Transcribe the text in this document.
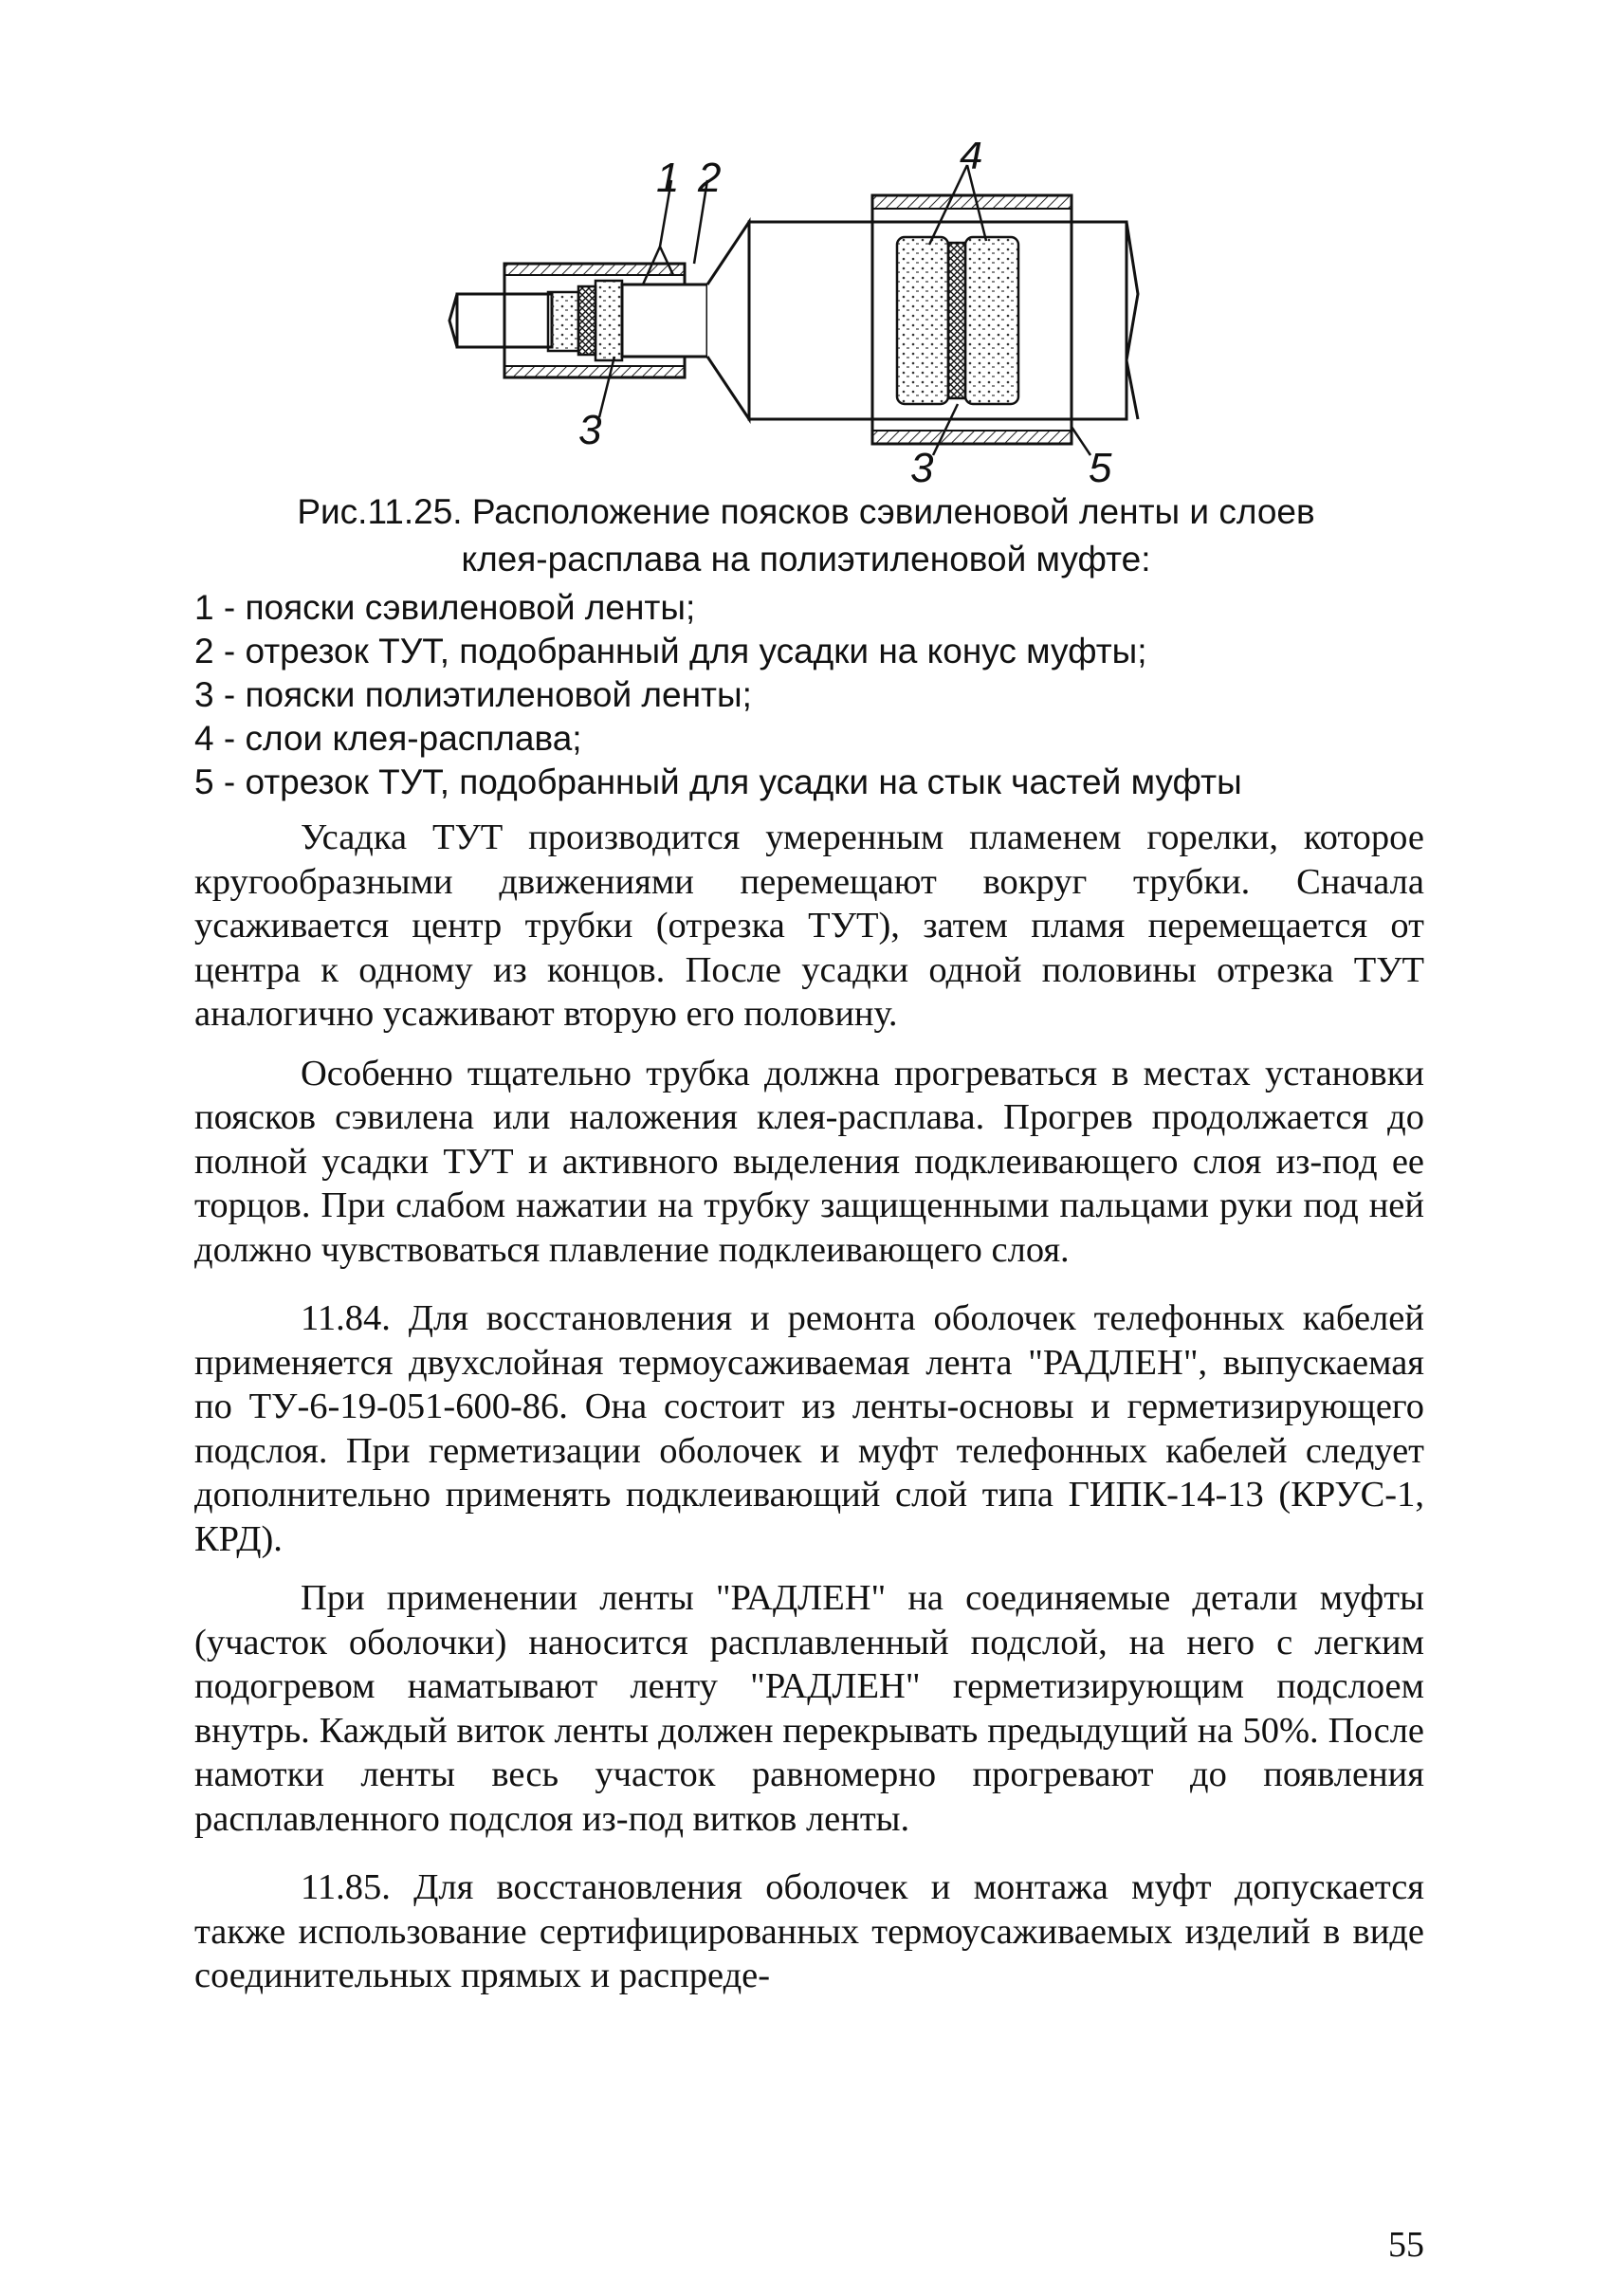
1 2
3
4
3	5
Рис.11.25. Расположение поясков сэвиленовой ленты и слоев
клея-расплава на полиэтиленовой муфте:
1 - пояски сэвиленовой ленты;
2 - отрезок ТУТ, подобранный для усадки на конус муфты;
3 - пояски полиэтиленовой ленты;
4 - слои клея-расплава;
5 - отрезок ТУТ, подобранный для усадки на стык частей муфты

Усадка ТУТ производится умеренным пламенем горелки, которое кругообразными движениями перемещают вокруг трубки. Сначала усаживается центр трубки (отрезка ТУТ), затем пламя перемещается от центра к одному из концов. После усадки одной половины отрезка ТУТ аналогично усаживают вторую его половину.

Особенно тщательно трубка должна прогреваться в местах установки поясков сэвилена или наложения клея-расплава. Прогрев продолжается до полной усадки ТУТ и активного выделения подклеивающего слоя из-под ее торцов. При слабом нажатии на трубку защищенными пальцами руки под ней должно чувствоваться плавление подклеивающего слоя.

11.84. Для восстановления и ремонта оболочек телефонных кабелей применяется двухслойная термоусаживаемая лента "РАДЛЕН", выпускаемая по ТУ-6-19-051-600-86. Она состоит из ленты-основы и герметизирующего подслоя. При герметизации оболочек и муфт телефонных кабелей следует дополнительно применять подклеивающий слой типа ГИПК-14-13 (КРУС-1, КРД).

При применении ленты "РАДЛЕН" на соединяемые детали муфты (участок оболочки) наносится расплавленный подслой, на него с легким подогревом наматывают ленту "РАДЛЕН" герметизирующим подслоем внутрь. Каждый виток ленты должен перекрывать предыдущий на 50%. После намотки ленты весь участок равномерно прогревают до появления расплавленного подслоя из-под витков ленты.

11.85. Для восстановления оболочек и монтажа муфт допускается также использование сертифицированных термоусаживаемых изделий в виде соединительных прямых и распреде-

55
